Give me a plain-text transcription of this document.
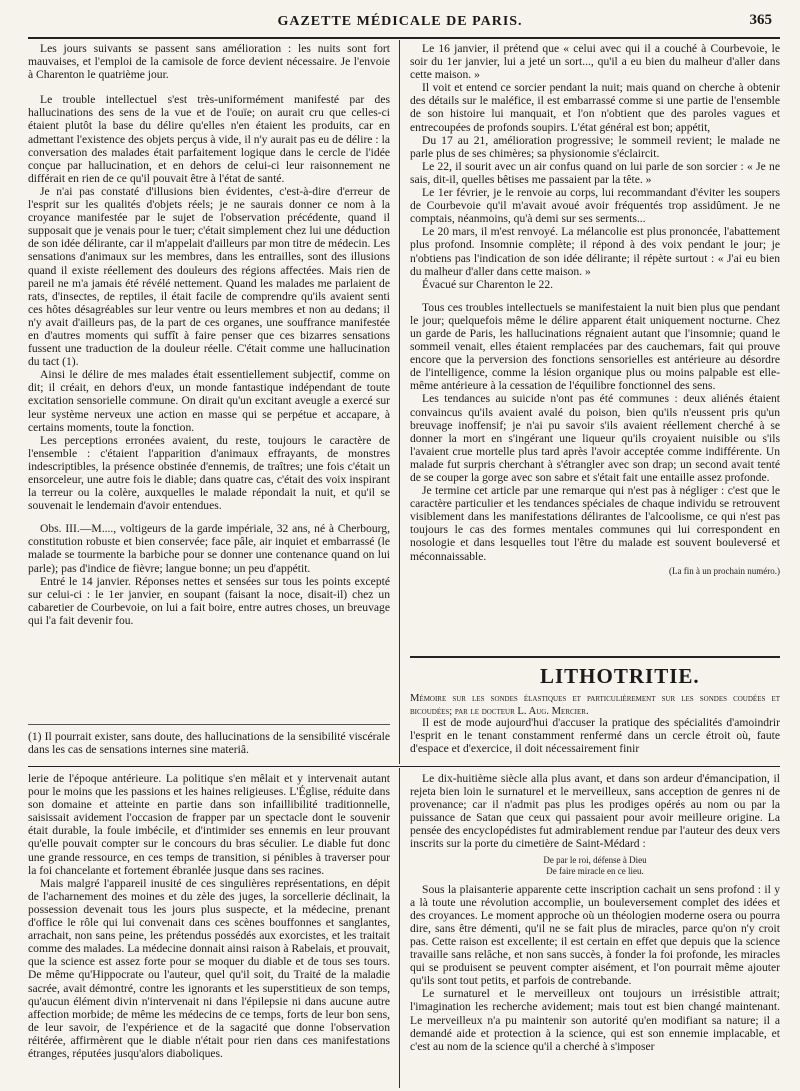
GAZETTE MÉDICALE DE PARIS.	365

Les jours suivants se passent sans amélioration : les nuits sont fort mauvaises, et l'emploi de la camisole de force devient nécessaire. Je l'envoie à Charenton le quatrième jour.

Le trouble intellectuel s'est très-uniformément manifesté par des hallucinations des sens de la vue et de l'ouïe; on aurait cru que celles-ci étaient plutôt la base du délire qu'elles n'en étaient les produits, car en admettant l'existence des objets perçus à vide, il n'y aurait pas eu de délire : la conversation des malades était parfaitement logique dans le cercle de l'idée conçue par hallucination, et en dehors de celui-ci leur raisonnement ne différait en rien de ce qu'il pouvait être à l'état de santé.

Je n'ai pas constaté d'illusions bien évidentes, c'est-à-dire d'erreur de l'esprit sur les qualités d'objets réels; je ne saurais donner ce nom à la croyance manifestée par le sujet de l'observation précédente, quand il supposait que je venais pour le tuer; c'était simplement chez lui une déduction de son idée délirante, car il m'appelait d'ailleurs par mon titre de médecin. Les sensations d'animaux sur les membres, dans les entrailles, sont des illusions quand il existe réellement des douleurs des régions affectées. Mais rien de pareil ne m'a jamais été révélé nettement. Quand les malades me parlaient de rats, d'insectes, de reptiles, il était facile de comprendre qu'ils avaient senti ces hôtes désagréables sur leur ventre ou leurs membres et non au dedans; il n'y avait d'ailleurs pas, de la part de ces organes, une souffrance manifestée en d'autres moments qui suffît à faire penser que ces bizarres sensations fussent une traduction de la douleur réelle. C'était comme une hallucination du tact (1).

Ainsi le délire de mes malades était essentiellement subjectif, comme on dit; il créait, en dehors d'eux, un monde fantastique indépendant de toute excitation sensorielle commune. On dirait qu'un excitant aveugle a exercé sur leur système nerveux une action en masse qui se perpétue et accapare, à certains moments, toute la fonction.

Les perceptions erronées avaient, du reste, toujours le caractère de l'ensemble : c'étaient l'apparition d'animaux effrayants, de monstres indescriptibles, la présence obstinée d'ennemis, de traîtres; une fois c'était un ensorceleur, une autre fois le diable; dans quatre cas, c'était des voix inspirant la terreur ou la colère, auxquelles le malade répondait la nuit, et qu'il se souvenait le lendemain d'avoir entendues.

Obs. III.—M...., voltigeurs de la garde impériale, 32 ans, né à Cherbourg, constitution robuste et bien conservée; face pâle, air inquiet et embarrassé (le malade se tourmente la barbiche pour se donner une contenance quand on lui parle); pas d'indice de fièvre; langue bonne; un peu d'appétit.

Entré le 14 janvier. Réponses nettes et sensées sur tous les points excepté sur celui-ci : le 1er janvier, en soupant (faisant la noce, disait-il) chez un cabaretier de Courbevoie, on lui a fait boire, entre autres choses, un breuvage qui l'a fait devenir fou.

(1) Il pourrait exister, sans doute, des hallucinations de la sensibilité viscérale dans les cas de sensations internes sine materiâ.

Le 16 janvier, il prétend que « celui avec qui il a couché à Courbevoie, le soir du 1er janvier, lui a jeté un sort..., qu'il a eu bien du malheur d'aller dans cette maison. »

Il voit et entend ce sorcier pendant la nuit; mais quand on cherche à obtenir des détails sur le maléfice, il est embarrassé comme si une partie de l'ensemble de son histoire lui manquait, et l'on n'obtient que des paroles vagues et entrecoupées de profonds soupirs. L'état général est bon; appétit,

Du 17 au 21, amélioration progressive; le sommeil revient; le malade ne parle plus de ses chimères; sa physionomie s'éclaircit.

Le 22, il sourit avec un air confus quand on lui parle de son sorcier : « Je ne sais, dit-il, quelles bêtises me passaient par la tête. »

Le 1er février, je le renvoie au corps, lui recommandant d'éviter les soupers de Courbevoie qu'il m'avait avoué avoir fréquentés trop assidûment. Je ne comptais, néanmoins, qu'à demi sur ses serments...

Le 20 mars, il m'est renvoyé. La mélancolie est plus prononcée, l'abattement plus profond. Insomnie complète; il répond à des voix pendant le jour; je n'obtiens pas l'indication de son idée délirante; il répète surtout : « J'ai eu bien du malheur d'aller dans cette maison. »

Évacué sur Charenton le 22.

Tous ces troubles intellectuels se manifestaient la nuit bien plus que pendant le jour; quelquefois même le délire apparent était uniquement nocturne. Chez un garde de Paris, les hallucinations régnaient autant que l'insomnie; quand le sommeil venait, elles étaient remplacées par des cauchemars, fait qui prouve encore que la perversion des fonctions sensorielles est antérieure au désordre de l'intelligence, comme la lésion organique plus ou moins palpable est elle-même antérieure à la cessation de l'équilibre fonctionnel des sens.

Les tendances au suicide n'ont pas été communes : deux aliénés étaient convaincus qu'ils avaient avalé du poison, bien qu'ils n'eussent pris qu'un breuvage inoffensif; je n'ai pu savoir s'ils avaient réellement cherché à se donner la mort en s'ingérant une liqueur qu'ils croyaient nuisible ou s'ils l'avaient crue mortelle plus tard après l'avoir acceptée comme indifférente. Un malade fut surpris cherchant à s'étrangler avec son drap; un second avait tenté de se couper la gorge avec son sabre et s'était fait une entaille assez profonde.

Je termine cet article par une remarque qui n'est pas à négliger : c'est que le caractère particulier et les tendances spéciales de chaque individu se retrouvent visiblement dans les manifestations délirantes de l'alcoolisme, ce qui n'est pas toujours le cas des formes mentales communes qui lui correspondent en nosologie et dans lesquelles tout l'être du malade est souvent bouleversé et méconnaissable.

(La fin à un prochain numéro.)
LITHOTRITIE.
Mémoire sur les sondes élastiques et particulièrement sur les sondes coudées et bicoudées; par le docteur L. Aug. Mercier.

Il est de mode aujourd'hui d'accuser la pratique des spécialités d'amoindrir l'esprit en le tenant constamment renfermé dans un cercle étroit où, faute d'espace et d'exercice, il doit nécessairement finir

lerie de l'époque antérieure. La politique s'en mêlait et y intervenait autant pour le moins que les passions et les haines religieuses. L'Église, réduite dans son domaine et atteinte en partie dans son infaillibilité traditionnelle, saisissait avidement l'occasion de frapper par un spectacle dont le souvenir était durable, la foule imbécile, et d'intimider ses ennemis en leur prouvant qu'elle pouvait compter sur le concours du bras séculier. Le diable fut donc une grande ressource, en ces temps de transition, si pénibles à traverser pour la foi chancelante et fortement ébranlée jusque dans ses racines.

Mais malgré l'appareil inusité de ces singulières représentations, en dépit de l'acharnement des moines et du zèle des juges, la sorcellerie déclinait, la possession devenait tous les jours plus suspecte, et la médecine, prenant d'office le rôle qui lui convenait dans ces scènes bouffonnes et sanglantes, arrachait, non sans peine, les prétendus possédés aux exorcistes, et les traitait comme des malades. La médecine donnait ainsi raison à Rabelais, et prouvait, que la science est assez forte pour se moquer du diable et de tous ses tours. De même qu'Hippocrate ou l'auteur, quel qu'il soit, du Traité de la maladie sacrée, avait démontré, contre les ignorants et les superstitieux de son temps, qu'aucun élément divin n'intervenait ni dans l'épilepsie ni dans aucune autre affection morbide; de même les médecins de ce temps, forts de leur bon sens, de leur savoir, de l'expérience et de la sagacité que donne l'observation réitérée, affirmèrent que le diable n'était pour rien dans ces manifestations étranges, réputées jusqu'alors diaboliques.

Le dix-huitième siècle alla plus avant, et dans son ardeur d'émancipation, il rejeta bien loin le surnaturel et le merveilleux, sans acception de genres ni de provenance; car il n'admit pas plus les prodiges opérés au nom ou par la puissance de Satan que ceux qui passaient pour avoir meilleure origine. La pensée des encyclopédistes fut admirablement rendue par l'auteur des deux vers inscrits sur la porte du cimetière de Saint-Médard :

De par le roi, défense à Dieu
De faire miracle en ce lieu.

Sous la plaisanterie apparente cette inscription cachait un sens profond : il y a là toute une révolution accomplie, un bouleversement complet des idées et des croyances. Le moment approche où un théologien moderne osera ou pourra dire, sans être démenti, qu'il ne se fait plus de miracles, parce qu'on n'y croit pas. Cette raison est excellente; il est certain en effet que depuis que la science travaille sans relâche, et non sans succès, à fonder la foi profonde, les miracles qui se produisent se peuvent compter aisément, et l'on pourrait même ajouter qu'ils sont tout petits, et parfois de contrebande.

Le surnaturel et le merveilleux ont toujours un irrésistible attrait; l'imagination les recherche avidement; mais tout est bien changé maintenant. Le merveilleux n'a pu maintenir son autorité qu'en modifiant sa nature; il a demandé aide et protection à la science, qui est son ennemie implacable, et c'est au nom de la science qu'il a cherché à s'imposer
